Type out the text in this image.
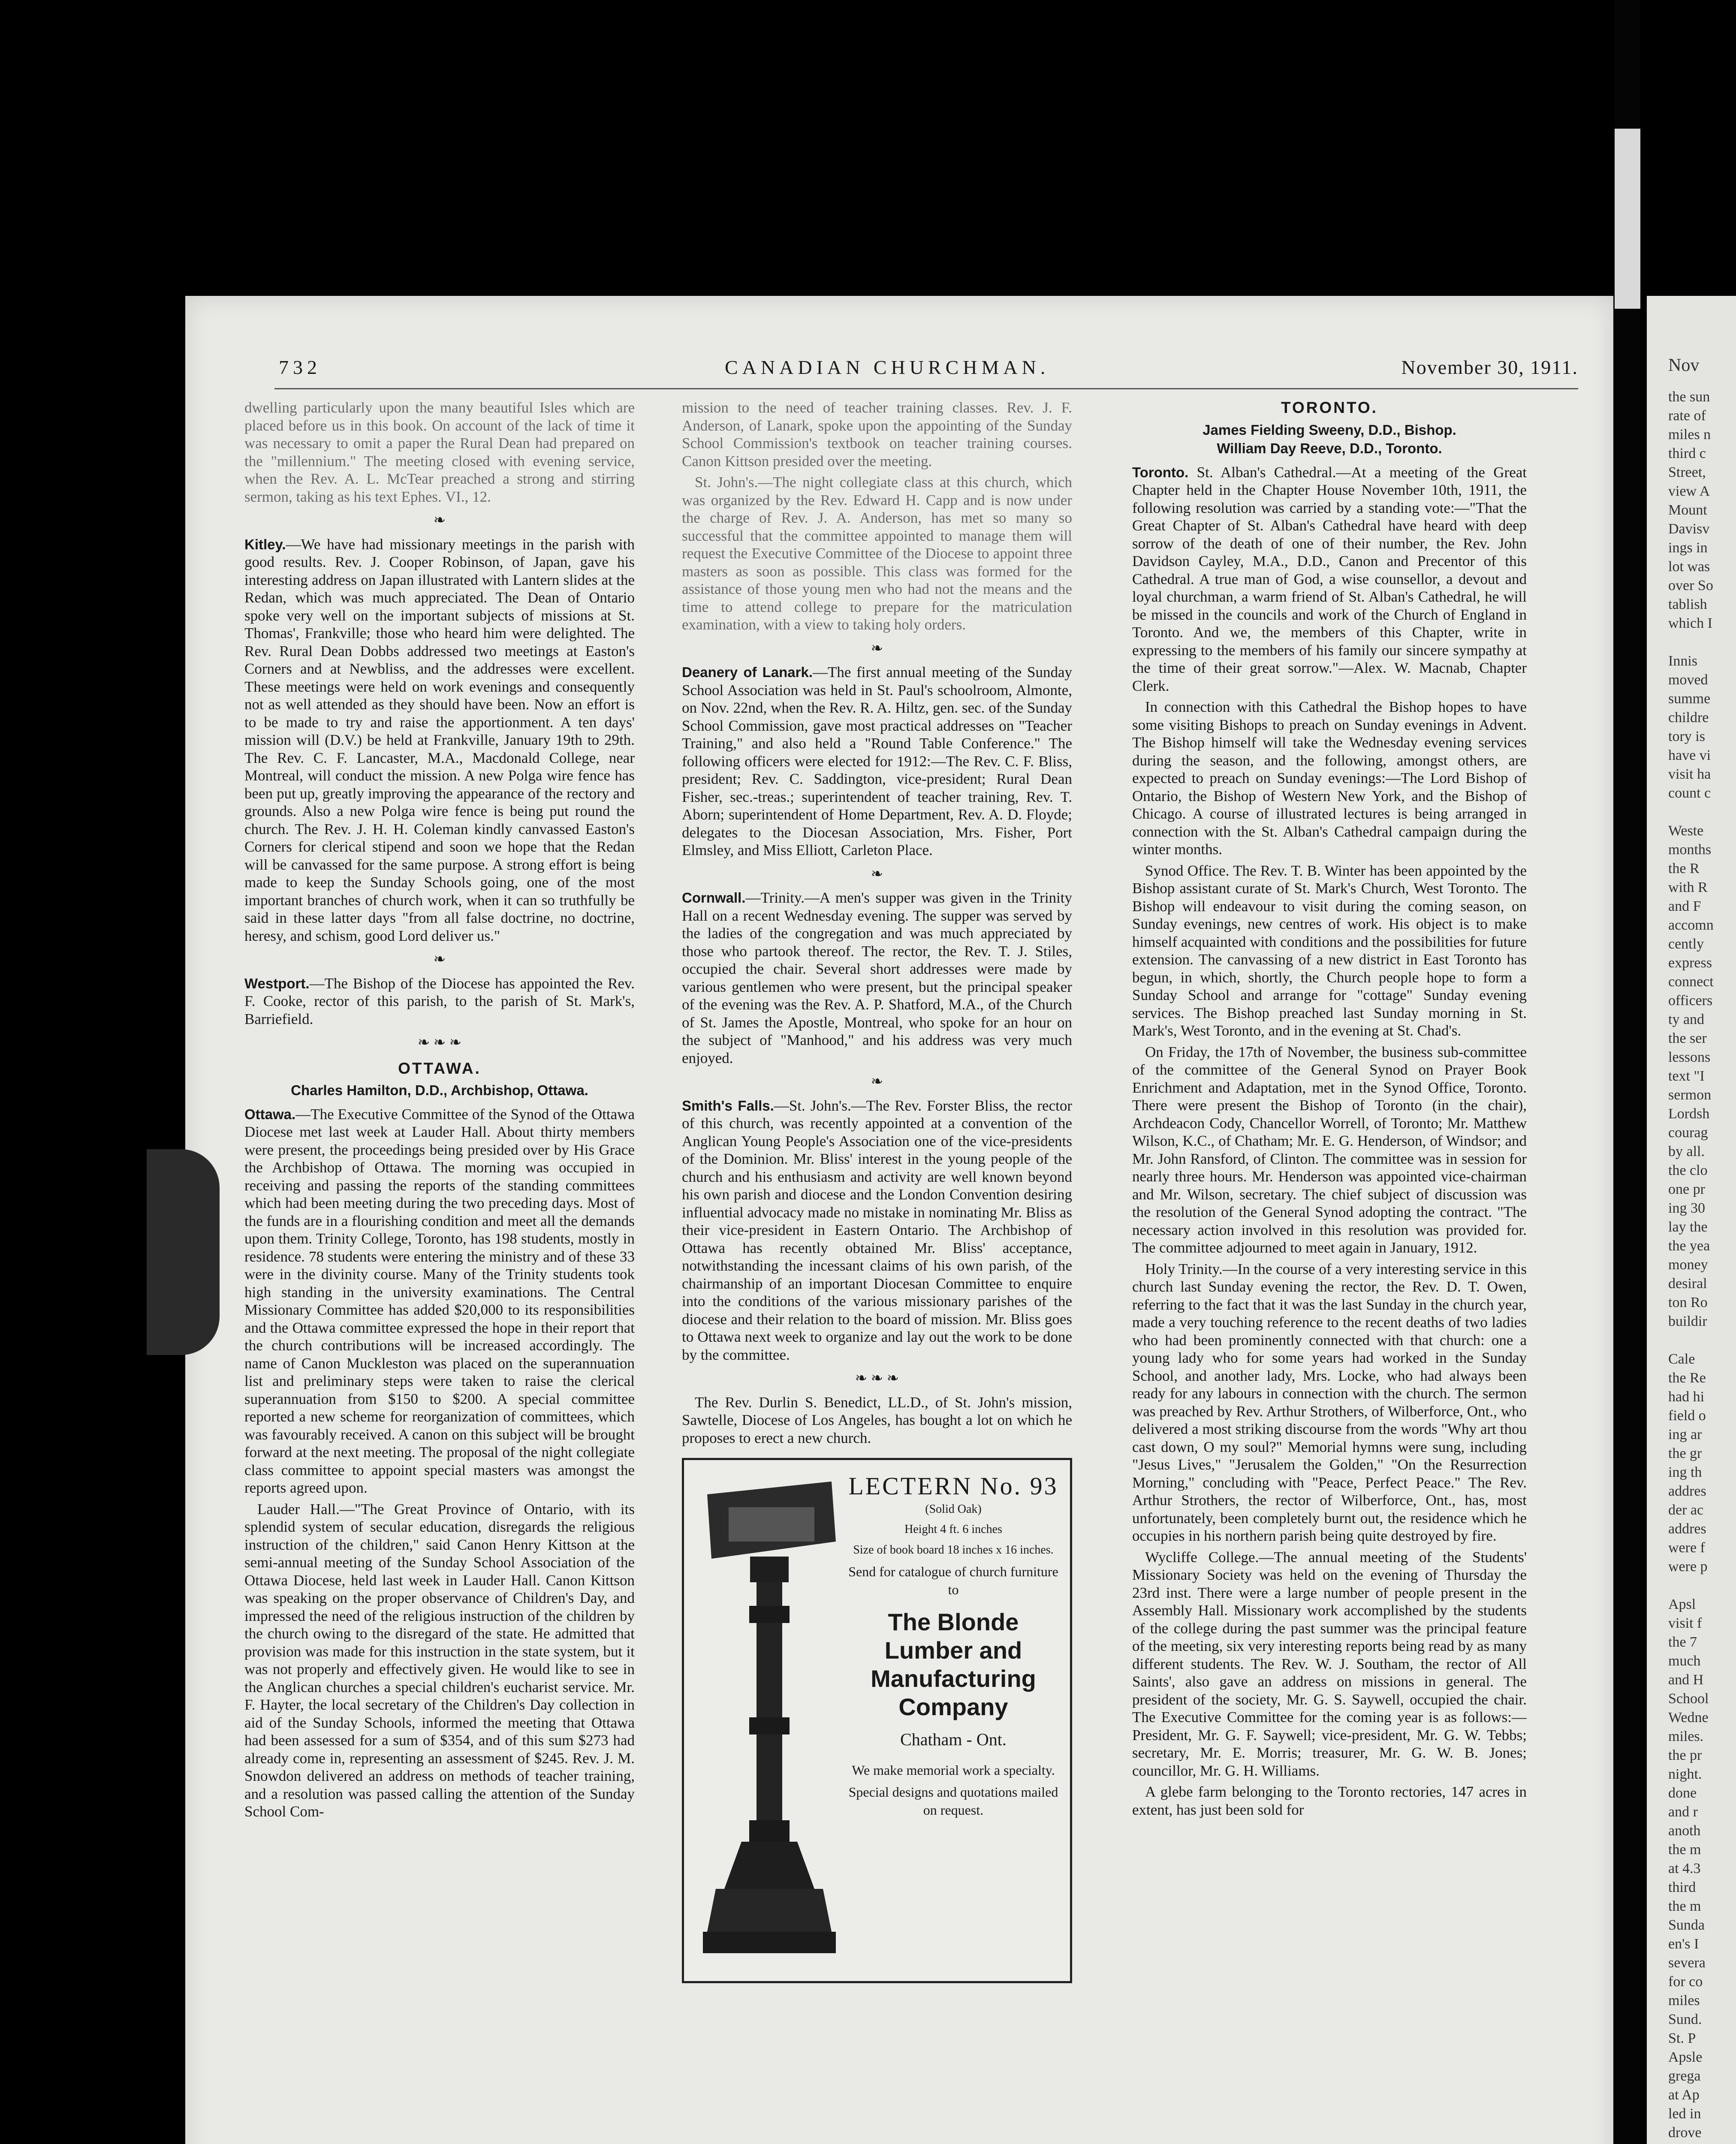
Nov
the sun
rate of
miles n
third c
Street,
view A
Mount
Davisv
ings in
lot was
over So
tablish
which I

Innis
moved
summe
childre
tory is
have vi
visit ha
count c

Weste
months
the R
with R
and F
accomn
cently
express
connect
officers
ty and
the ser
lessons
text "I
sermon
Lordsh
courag
by all.
the clo
one pr
ing 30
lay the
the yea
money
desiral
ton Ro
buildir

Cale
the Re
had hi
field o
ing ar
the gr
ing th
addres
der ac
addres
were f
were p

Apsl
visit f
the 7
much
and H
School
Wedne
miles.
the pr
night.
done
and r
anoth
the m
at 4.3
third
the m
Sunda
en's I
severa
for co
miles
Sund.
St. P
Apsle
grega
at Ap
led in
drove
732	CANADIAN CHURCHMAN.	November 30, 1911.

dwelling particularly upon the many beautiful Isles which are placed before us in this book. On account of the lack of time it was necessary to omit a paper the Rural Dean had prepared on the "millennium." The meeting closed with evening service, when the Rev. A. L. McTear preached a strong and stirring sermon, taking as his text Ephes. VI., 12.

❧

Kitley.—We have had missionary meetings in the parish with good results. Rev. J. Cooper Robinson, of Japan, gave his interesting address on Japan illustrated with Lantern slides at the Redan, which was much appreciated. The Dean of Ontario spoke very well on the important subjects of missions at St. Thomas', Frankville; those who heard him were delighted. The Rev. Rural Dean Dobbs addressed two meetings at Easton's Corners and at Newbliss, and the addresses were excellent. These meetings were held on work evenings and consequently not as well attended as they should have been. Now an effort is to be made to try and raise the apportionment. A ten days' mission will (D.V.) be held at Frankville, January 19th to 29th. The Rev. C. F. Lancaster, M.A., Macdonald College, near Montreal, will conduct the mission. A new Polga wire fence has been put up, greatly improving the appearance of the rectory and grounds. Also a new Polga wire fence is being put round the church. The Rev. J. H. H. Coleman kindly canvassed Easton's Corners for clerical stipend and soon we hope that the Redan will be canvassed for the same purpose. A strong effort is being made to keep the Sunday Schools going, one of the most important branches of church work, when it can so truthfully be said in these latter days "from all false doctrine, no doctrine, heresy, and schism, good Lord deliver us."

❧

Westport.—The Bishop of the Diocese has appointed the Rev. F. Cooke, rector of this parish, to the parish of St. Mark's, Barriefield.

❧ ❧ ❧
OTTAWA.
Charles Hamilton, D.D., Archbishop, Ottawa.

Ottawa.—The Executive Committee of the Synod of the Ottawa Diocese met last week at Lauder Hall. About thirty members were present, the proceedings being presided over by His Grace the Archbishop of Ottawa. The morning was occupied in receiving and passing the reports of the standing committees which had been meeting during the two preceding days. Most of the funds are in a flourishing condition and meet all the demands upon them. Trinity College, Toronto, has 198 students, mostly in residence. 78 students were entering the ministry and of these 33 were in the divinity course. Many of the Trinity students took high standing in the university examinations. The Central Missionary Committee has added $20,000 to its responsibilities and the Ottawa committee expressed the hope in their report that the church contributions will be increased accordingly. The name of Canon Muckleston was placed on the superannuation list and preliminary steps were taken to raise the clerical superannuation from $150 to $200. A special committee reported a new scheme for reorganization of committees, which was favourably received. A canon on this subject will be brought forward at the next meeting. The proposal of the night collegiate class committee to appoint special masters was amongst the reports agreed upon.

Lauder Hall.—"The Great Province of Ontario, with its splendid system of secular education, disregards the religious instruction of the children," said Canon Henry Kittson at the semi-annual meeting of the Sunday School Association of the Ottawa Diocese, held last week in Lauder Hall. Canon Kittson was speaking on the proper observance of Children's Day, and impressed the need of the religious instruction of the children by the church owing to the disregard of the state. He admitted that provision was made for this instruction in the state system, but it was not properly and effectively given. He would like to see in the Anglican churches a special children's eucharist service. Mr. F. Hayter, the local secretary of the Children's Day collection in aid of the Sunday Schools, informed the meeting that Ottawa had been assessed for a sum of $354, and of this sum $273 had already come in, representing an assessment of $245. Rev. J. M. Snowdon delivered an address on methods of teacher training, and a resolution was passed calling the attention of the Sunday School Com-

mission to the need of teacher training classes. Rev. J. F. Anderson, of Lanark, spoke upon the appointing of the Sunday School Commission's textbook on teacher training courses. Canon Kittson presided over the meeting.

St. John's.—The night collegiate class at this church, which was organized by the Rev. Edward H. Capp and is now under the charge of Rev. J. A. Anderson, has met so many so successful that the committee appointed to manage them will request the Executive Committee of the Diocese to appoint three masters as soon as possible. This class was formed for the assistance of those young men who had not the means and the time to attend college to prepare for the matriculation examination, with a view to taking holy orders.

❧

Deanery of Lanark.—The first annual meeting of the Sunday School Association was held in St. Paul's schoolroom, Almonte, on Nov. 22nd, when the Rev. R. A. Hiltz, gen. sec. of the Sunday School Commission, gave most practical addresses on "Teacher Training," and also held a "Round Table Conference." The following officers were elected for 1912:—The Rev. C. F. Bliss, president; Rev. C. Saddington, vice-president; Rural Dean Fisher, sec.-treas.; superintendent of teacher training, Rev. T. Aborn; superintendent of Home Department, Rev. A. D. Floyde; delegates to the Diocesan Association, Mrs. Fisher, Port Elmsley, and Miss Elliott, Carleton Place.

❧

Cornwall.—Trinity.—A men's supper was given in the Trinity Hall on a recent Wednesday evening. The supper was served by the ladies of the congregation and was much appreciated by those who partook thereof. The rector, the Rev. T. J. Stiles, occupied the chair. Several short addresses were made by various gentlemen who were present, but the principal speaker of the evening was the Rev. A. P. Shatford, M.A., of the Church of St. James the Apostle, Montreal, who spoke for an hour on the subject of "Manhood," and his address was very much enjoyed.

❧

Smith's Falls.—St. John's.—The Rev. Forster Bliss, the rector of this church, was recently appointed at a convention of the Anglican Young People's Association one of the vice-presidents of the Dominion. Mr. Bliss' interest in the young people of the church and his enthusiasm and activity are well known beyond his own parish and diocese and the London Convention desiring influential advocacy made no mistake in nominating Mr. Bliss as their vice-president in Eastern Ontario. The Archbishop of Ottawa has recently obtained Mr. Bliss' acceptance, notwithstanding the incessant claims of his own parish, of the chairmanship of an important Diocesan Committee to enquire into the conditions of the various missionary parishes of the diocese and their relation to the board of mission. Mr. Bliss goes to Ottawa next week to organize and lay out the work to be done by the committee.

❧ ❧ ❧

The Rev. Durlin S. Benedict, LL.D., of St. John's mission, Sawtelle, Diocese of Los Angeles, has bought a lot on which he proposes to erect a new church.

LECTERN No. 93
(Solid Oak)
Height 4 ft. 6 inches
Size of book board 18 inches x 16 inches.
Send for catalogue of church furniture to
The Blonde Lumber and Manufacturing Company
Chatham - Ont.
We make memorial work a specialty.
Special designs and quotations mailed on request.
TORONTO.
James Fielding Sweeny, D.D., Bishop.
William Day Reeve, D.D., Toronto.

Toronto. St. Alban's Cathedral.—At a meeting of the Great Chapter held in the Chapter House November 10th, 1911, the following resolution was carried by a standing vote:—"That the Great Chapter of St. Alban's Cathedral have heard with deep sorrow of the death of one of their number, the Rev. John Davidson Cayley, M.A., D.D., Canon and Precentor of this Cathedral. A true man of God, a wise counsellor, a devout and loyal churchman, a warm friend of St. Alban's Cathedral, he will be missed in the councils and work of the Church of England in Toronto. And we, the members of this Chapter, write in expressing to the members of his family our sincere sympathy at the time of their great sorrow."—Alex. W. Macnab, Chapter Clerk.

In connection with this Cathedral the Bishop hopes to have some visiting Bishops to preach on Sunday evenings in Advent. The Bishop himself will take the Wednesday evening services during the season, and the following, amongst others, are expected to preach on Sunday evenings:—The Lord Bishop of Ontario, the Bishop of Western New York, and the Bishop of Chicago. A course of illustrated lectures is being arranged in connection with the St. Alban's Cathedral campaign during the winter months.

Synod Office. The Rev. T. B. Winter has been appointed by the Bishop assistant curate of St. Mark's Church, West Toronto. The Bishop will endeavour to visit during the coming season, on Sunday evenings, new centres of work. His object is to make himself acquainted with conditions and the possibilities for future extension. The canvassing of a new district in East Toronto has begun, in which, shortly, the Church people hope to form a Sunday School and arrange for "cottage" Sunday evening services. The Bishop preached last Sunday morning in St. Mark's, West Toronto, and in the evening at St. Chad's.

On Friday, the 17th of November, the business sub-committee of the committee of the General Synod on Prayer Book Enrichment and Adaptation, met in the Synod Office, Toronto. There were present the Bishop of Toronto (in the chair), Archdeacon Cody, Chancellor Worrell, of Toronto; Mr. Matthew Wilson, K.C., of Chatham; Mr. E. G. Henderson, of Windsor; and Mr. John Ransford, of Clinton. The committee was in session for nearly three hours. Mr. Henderson was appointed vice-chairman and Mr. Wilson, secretary. The chief subject of discussion was the resolution of the General Synod adopting the contract. "The necessary action involved in this resolution was provided for. The committee adjourned to meet again in January, 1912.

Holy Trinity.—In the course of a very interesting service in this church last Sunday evening the rector, the Rev. D. T. Owen, referring to the fact that it was the last Sunday in the church year, made a very touching reference to the recent deaths of two ladies who had been prominently connected with that church: one a young lady who for some years had worked in the Sunday School, and another lady, Mrs. Locke, who had always been ready for any labours in connection with the church. The sermon was preached by Rev. Arthur Strothers, of Wilberforce, Ont., who delivered a most striking discourse from the words "Why art thou cast down, O my soul?" Memorial hymns were sung, including "Jesus Lives," "Jerusalem the Golden," "On the Resurrection Morning," concluding with "Peace, Perfect Peace." The Rev. Arthur Strothers, the rector of Wilberforce, Ont., has, most unfortunately, been completely burnt out, the residence which he occupies in his northern parish being quite destroyed by fire.

Wycliffe College.—The annual meeting of the Students' Missionary Society was held on the evening of Thursday the 23rd inst. There were a large number of people present in the Assembly Hall. Missionary work accomplished by the students of the college during the past summer was the principal feature of the meeting, six very interesting reports being read by as many different students. The Rev. W. J. Southam, the rector of All Saints', also gave an address on missions in general. The president of the society, Mr. G. S. Saywell, occupied the chair. The Executive Committee for the coming year is as follows:—President, Mr. G. F. Saywell; vice-president, Mr. G. W. Tebbs; secretary, Mr. E. Morris; treasurer, Mr. G. W. B. Jones; councillor, Mr. G. H. Williams.

A glebe farm belonging to the Toronto rectories, 147 acres in extent, has just been sold for
